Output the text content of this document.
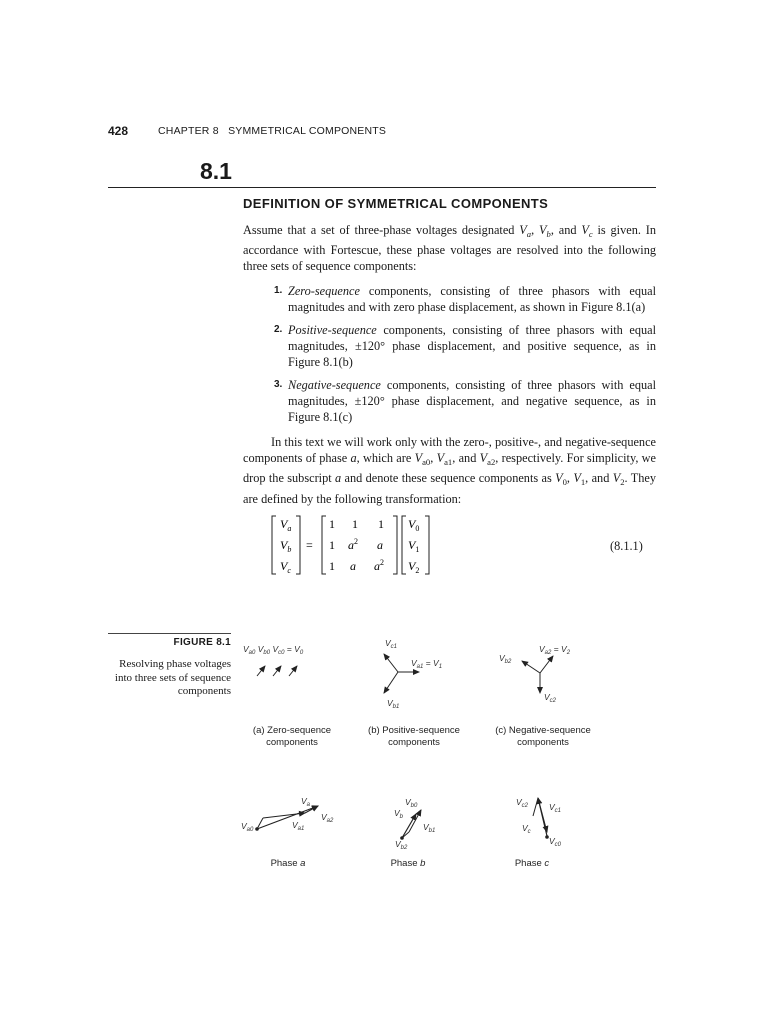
428	CHAPTER 8   SYMMETRICAL COMPONENTS
8.1
DEFINITION OF SYMMETRICAL COMPONENTS
Assume that a set of three-phase voltages designated $V_a$, $V_b$, and $V_c$ is given. In accordance with Fortescue, these phase voltages are resolved into the following three sets of sequence components:
1. Zero-sequence components, consisting of three phasors with equal magnitudes and with zero phase displacement, as shown in Figure 8.1(a)
2. Positive-sequence components, consisting of three phasors with equal magnitudes, ±120° phase displacement, and positive sequence, as in Figure 8.1(b)
3. Negative-sequence components, consisting of three phasors with equal magnitudes, ±120° phase displacement, and negative sequence, as in Figure 8.1(c)
In this text we will work only with the zero-, positive-, and negative-sequence components of phase a, which are $V_{a0}$, $V_{a1}$, and $V_{a2}$, respectively. For simplicity, we drop the subscript a and denote these sequence components as $V_0$, $V_1$, and $V_2$. They are defined by the following transformation:
$V_a$
$V_b$
$V_c$
=
1 1 1
1 $a^2$ a
1 a $a^2$
$V_0$
$V_1$
$V_2$
(8.1.1)
FIGURE 8.1
Resolving phase voltages into three sets of sequence components
$V_{a0}$ $V_{b0}$ $V_{c0} = V_0$
$V_{c1}$
$V_{a1} = V_1$
$V_{b1}$
$V_{b2}$
$V_{a2} = V_2$
$V_{c2}$
$V_a$
$V_{a0}$	$V_{a1}$
$V_{a2}$
$V_{b0}$
$V_b$
$V_{b1}$
$V_{b2}$
$V_{c2}$ $V_{c1}$
$V_c$
$V_{c0}$
(a) Zero-sequence components
(b) Positive-sequence components
(c) Negative-sequence components
Phase a	Phase b	Phase c
